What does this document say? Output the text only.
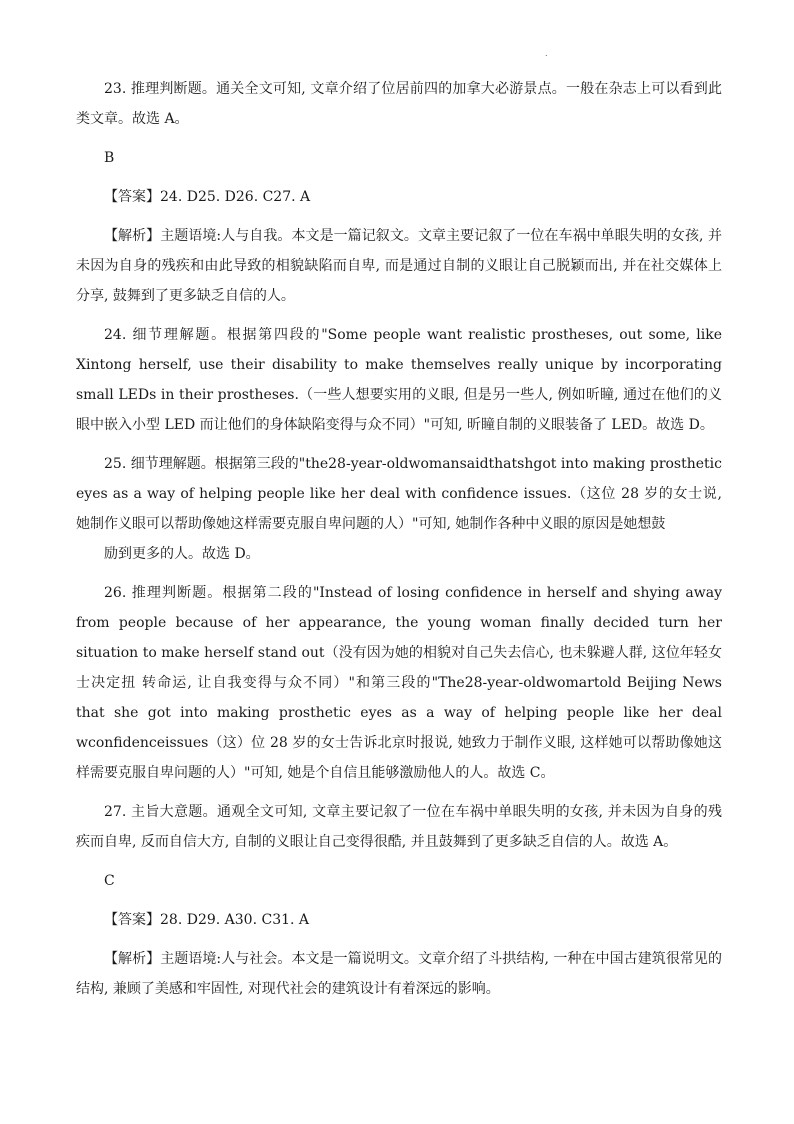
.

23. 推理判断题。通关全文可知, 文章介绍了位居前四的加拿大必游景点。一般在杂志上可以看到此类文章。故选 A。

B

【答案】24. D25. D26. C27. A

【解析】主题语境:人与自我。本文是一篇记叙文。文章主要记叙了一位在车祸中单眼失明的女孩, 并未因为自身的残疾和由此导致的相貌缺陷而自卑, 而是通过自制的义眼让自己脱颖而出, 并在社交媒体上分享, 鼓舞到了更多缺乏自信的人。

24. 细节理解题。根据第四段的"Some people want realistic prostheses, out some, like Xintong herself, use their disability to make themselves really unique by incorporating small LEDs in their prostheses.（一些人想要实用的义眼, 但是另一些人, 例如昕瞳, 通过在他们的义眼中嵌入小型 LED 而让他们的身体缺陷变得与众不同）"可知, 昕瞳自制的义眼装备了 LED。故选 D。

25. 细节理解题。根据第三段的"the28-year-oldwomansaidthatshgot into making prosthetic eyes as a way of helping people like her deal with confidence issues.（这位 28 岁的女士说, 她制作义眼可以帮助像她这样需要克服自卑问题的人）"可知, 她制作各种中义眼的原因是她想鼓

励到更多的人。故选 D。

26. 推理判断题。根据第二段的"Instead of losing confidence in herself and shying away from people because of her appearance, the young woman finally decided turn her situation to make herself stand out（没有因为她的相貌对自己失去信心, 也未躲避人群, 这位年轻女士决定扭 转命运, 让自我变得与众不同）"和第三段的"The28-year-oldwomartold Beijing News that she got into making prosthetic eyes as a way of helping people like her deal wconfidenceissues（这）位 28 岁的女士告诉北京时报说, 她致力于制作义眼, 这样她可以帮助像她这样需要克服自卑问题的人）"可知, 她是个自信且能够激励他人的人。故选 C。

27. 主旨大意题。通观全文可知, 文章主要记叙了一位在车祸中单眼失明的女孩, 并未因为自身的残疾而自卑, 反而自信大方, 自制的义眼让自己变得很酷, 并且鼓舞到了更多缺乏自信的人。故选 A。

C

【答案】28. D29. A30. C31. A

【解析】主题语境:人与社会。本文是一篇说明文。文章介绍了斗拱结构, 一种在中国古建筑很常见的结构, 兼顾了美感和牢固性, 对现代社会的建筑设计有着深远的影响。
